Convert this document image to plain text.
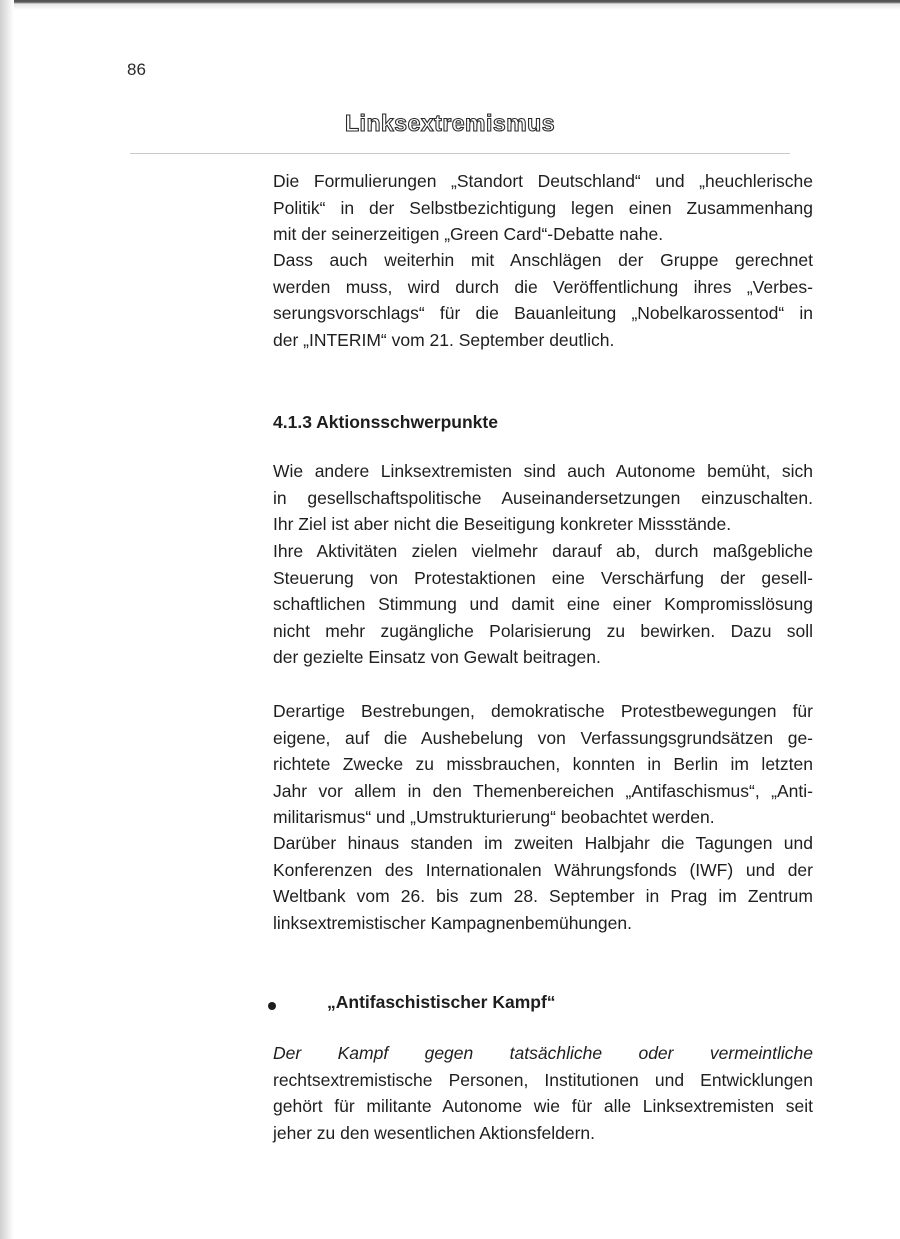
86
Linksextremismus

Die Formulierungen „Standort Deutschland“ und „heuchlerische
Politik“ in der Selbstbezichtigung legen einen Zusammenhang
mit der seinerzeitigen „Green Card“-Debatte nahe.

Dass auch weiterhin mit Anschlägen der Gruppe gerechnet
werden muss, wird durch die Veröffentlichung ihres „Verbes-
serungsvorschlags“ für die Bauanleitung „Nobelkarossentod“ in
der „INTERIM“ vom 21. September deutlich.

4.1.3 Aktionsschwerpunkte

Wie andere Linksextremisten sind auch Autonome bemüht, sich
in gesellschaftspolitische Auseinandersetzungen einzuschalten.
Ihr Ziel ist aber nicht die Beseitigung konkreter Missstände.

Ihre Aktivitäten zielen vielmehr darauf ab, durch maßgebliche
Steuerung von Protestaktionen eine Verschärfung der gesell-
schaftlichen Stimmung und damit eine einer Kompromisslösung
nicht mehr zugängliche Polarisierung zu bewirken. Dazu soll
der gezielte Einsatz von Gewalt beitragen.

Derartige Bestrebungen, demokratische Protestbewegungen für
eigene, auf die Aushebelung von Verfassungsgrundsätzen ge-
richtete Zwecke zu missbrauchen, konnten in Berlin im letzten
Jahr vor allem in den Themenbereichen „Antifaschismus“, „Anti-
militarismus“ und „Umstrukturierung“ beobachtet werden.

Darüber hinaus standen im zweiten Halbjahr die Tagungen und
Konferenzen des Internationalen Währungsfonds (IWF) und der
Weltbank vom 26. bis zum 28. September in Prag im Zentrum
linksextremistischer Kampagnenbemühungen.

„Antifaschistischer Kampf“

Der Kampf gegen tatsächliche oder vermeintliche
rechtsextremistische Personen, Institutionen und Entwicklungen
gehört für militante Autonome wie für alle Linksextremisten seit
jeher zu den wesentlichen Aktionsfeldern.
